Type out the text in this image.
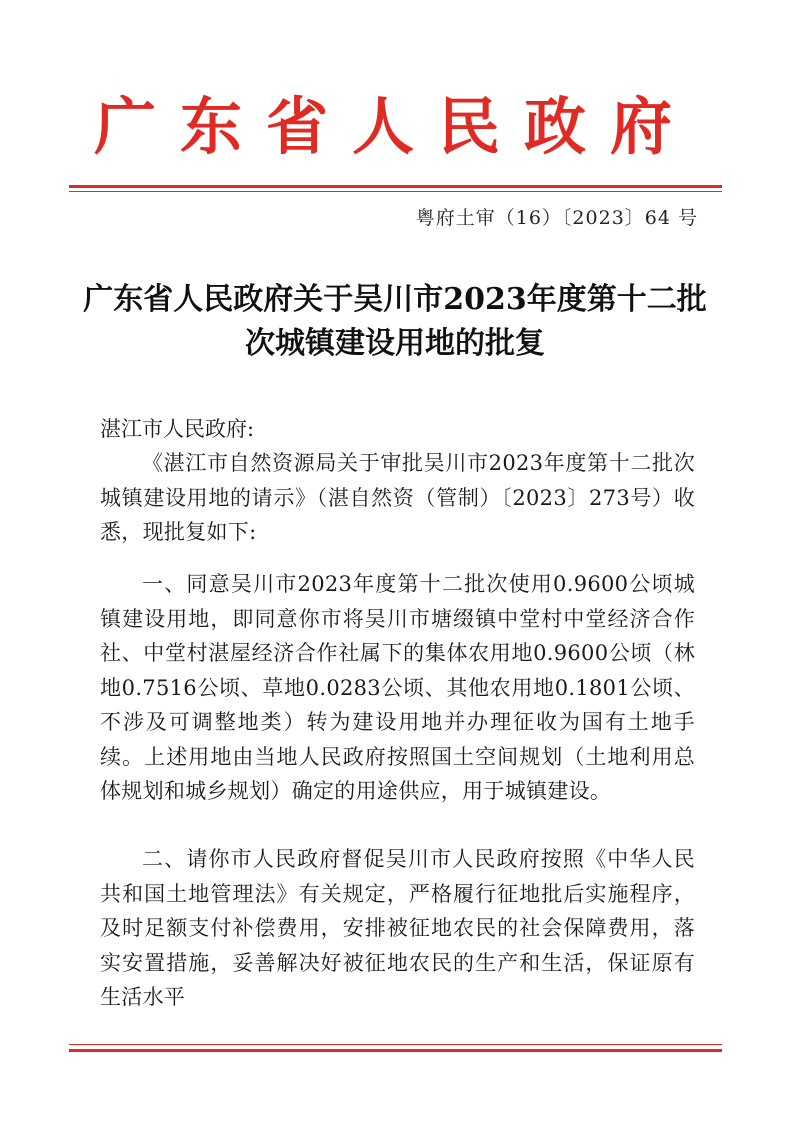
广东省人民政府
粤府土审（16）〔2023〕64 号
广东省人民政府关于吴川市2023年度第十二批次城镇建设用地的批复
湛江市人民政府:
《湛江市自然资源局关于审批吴川市2023年度第十二批次城镇建设用地的请示》（湛自然资（管制）〔2023〕273号）收悉，现批复如下:
一、同意吴川市2023年度第十二批次使用0.9600公顷城镇建设用地，即同意你市将吴川市塘缀镇中堂村中堂经济合作社、中堂村湛屋经济合作社属下的集体农用地0.9600公顷（林地0.7516公顷、草地0.0283公顷、其他农用地0.1801公顷、不涉及可调整地类）转为建设用地并办理征收为国有土地手续。上述用地由当地人民政府按照国土空间规划（土地利用总体规划和城乡规划）确定的用途供应，用于城镇建设。
二、请你市人民政府督促吴川市人民政府按照《中华人民共和国土地管理法》有关规定，严格履行征地批后实施程序，及时足额支付补偿费用，安排被征地农民的社会保障费用，落实安置措施，妥善解决好被征地农民的生产和生活，保证原有生活水平
